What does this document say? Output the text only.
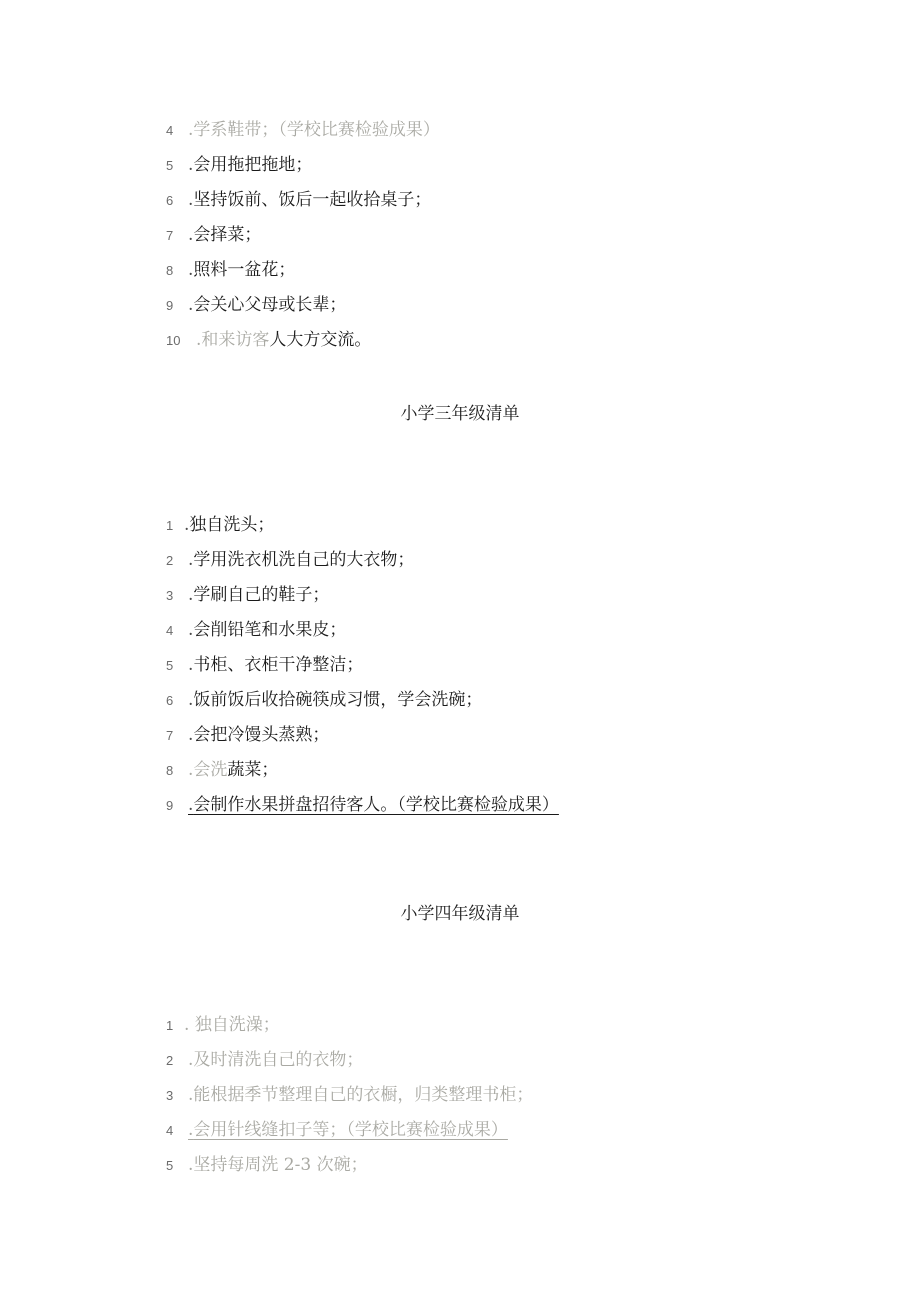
4 .学系鞋带；（学校比赛检验成果）
5 .会用拖把拖地；
6 .坚持饭前、饭后一起收拾桌子；
7 .会择菜；
8 .照料一盆花；
9 .会关心父母或长辈；
10 .和来访客人大方交流。
小学三年级清单
1 .独自洗头；
2 .学用洗衣机洗自己的大衣物；
3 .学刷自己的鞋子；
4 .会削铅笔和水果皮；
5 .书柜、衣柜干净整洁；
6 .饭前饭后收拾碗筷成习惯，学会洗碗；
7 .会把冷馒头蒸熟；
8 .会洗蔬菜；
9 .会制作水果拼盘招待客人。（学校比赛检验成果）
小学四年级清单
1 . 独自洗澡；
2 .及时清洗自己的衣物；
3 .能根据季节整理自己的衣橱，归类整理书柜；
4 .会用针线缝扣子等；（学校比赛检验成果）
5 .坚持每周洗 2-3 次碗；
